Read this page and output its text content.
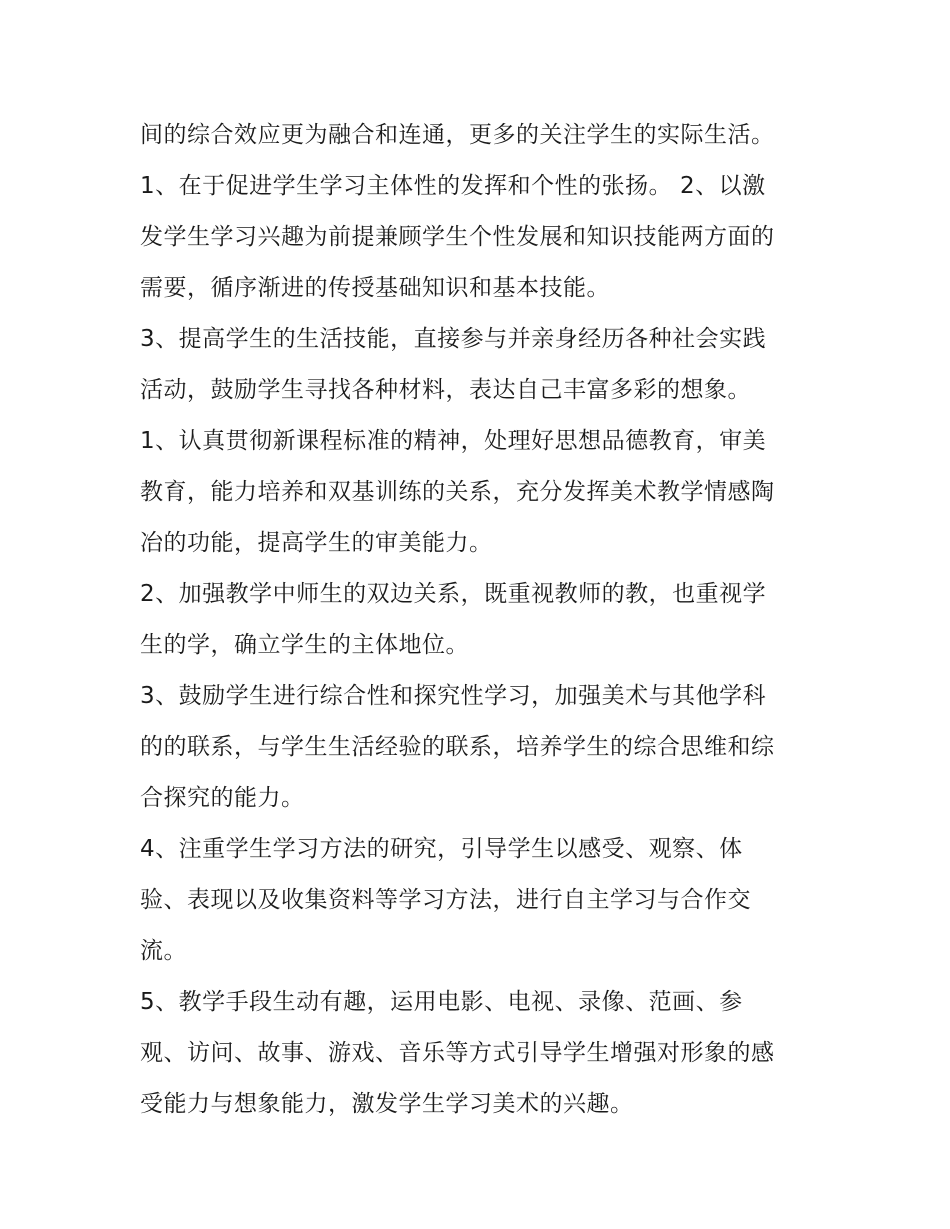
间的综合效应更为融合和连通，更多的关注学生的实际生活。
1、在于促进学生学习主体性的发挥和个性的张扬。 2、以激
发学生学习兴趣为前提兼顾学生个性发展和知识技能两方面的
需要，循序渐进的传授基础知识和基本技能。
3、提高学生的生活技能，直接参与并亲身经历各种社会实践
活动，鼓励学生寻找各种材料，表达自己丰富多彩的想象。
1、认真贯彻新课程标准的精神，处理好思想品德教育，审美
教育，能力培养和双基训练的关系，充分发挥美术教学情感陶
冶的功能，提高学生的审美能力。
2、加强教学中师生的双边关系，既重视教师的教，也重视学
生的学，确立学生的主体地位。
3、鼓励学生进行综合性和探究性学习，加强美术与其他学科
的的联系，与学生生活经验的联系，培养学生的综合思维和综
合探究的能力。
4、注重学生学习方法的研究，引导学生以感受、观察、体
验、表现以及收集资料等学习方法，进行自主学习与合作交
流。
5、教学手段生动有趣，运用电影、电视、录像、范画、参
观、访问、故事、游戏、音乐等方式引导学生增强对形象的感
受能力与想象能力，激发学生学习美术的兴趣。
